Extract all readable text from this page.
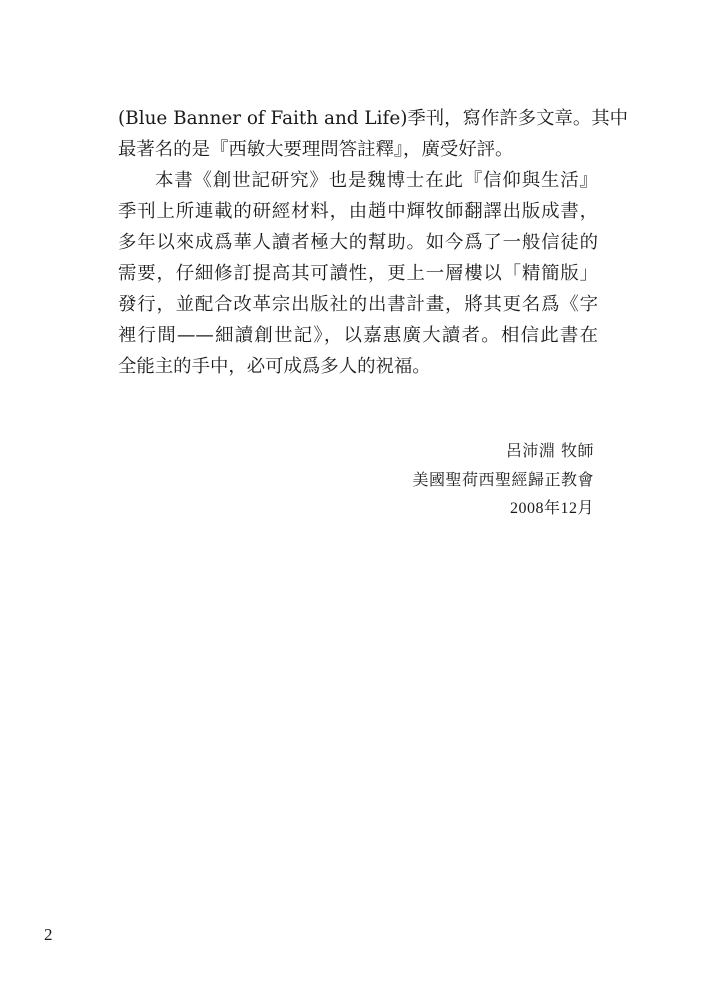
(Blue Banner of Faith and Life)季刊，寫作許多文章。其中
最著名的是『西敏大要理問答註釋』，廣受好評。
本書《創世記研究》也是魏博士在此『信仰與生活』
季刊上所連載的研經材料，由趙中輝牧師翻譯出版成書，
多年以來成爲華人讀者極大的幫助。如今爲了一般信徒的
需要，仔細修訂提高其可讀性，更上一層樓以「精簡版」
發行，並配合改革宗出版社的出書計畫，將其更名爲《字
裡行間——細讀創世記》，以嘉惠廣大讀者。相信此書在
全能主的手中，必可成爲多人的祝福。
呂沛淵 牧師
美國聖荷西聖經歸正教會
2008年12月
2
